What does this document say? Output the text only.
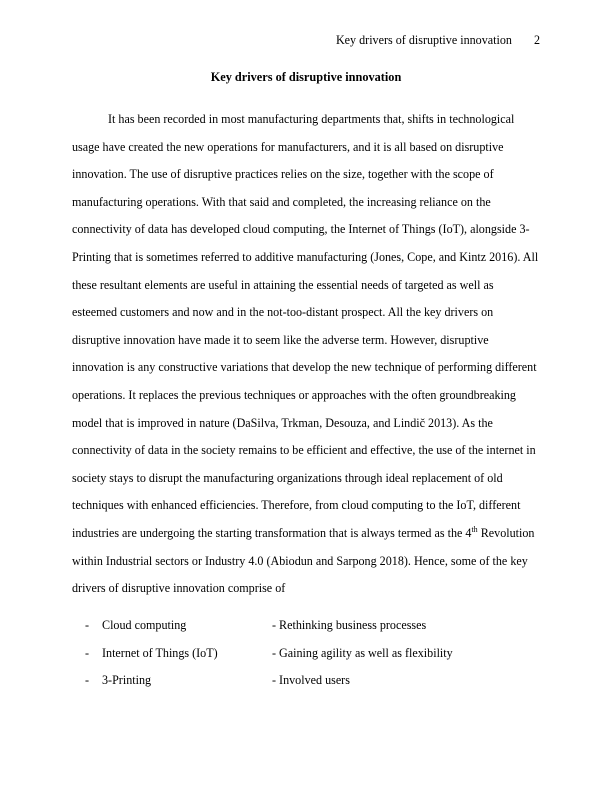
Key drivers of disruptive innovation 2
Key drivers of disruptive innovation
It has been recorded in most manufacturing departments that, shifts in technological usage have created the new operations for manufacturers, and it is all based on disruptive innovation. The use of disruptive practices relies on the size, together with the scope of manufacturing operations. With that said and completed, the increasing reliance on the connectivity of data has developed cloud computing, the Internet of Things (IoT), alongside 3-Printing that is sometimes referred to additive manufacturing (Jones, Cope, and Kintz 2016). All these resultant elements are useful in attaining the essential needs of targeted as well as esteemed customers and now and in the not-too-distant prospect. All the key drivers on disruptive innovation have made it to seem like the adverse term. However, disruptive innovation is any constructive variations that develop the new technique of performing different operations. It replaces the previous techniques or approaches with the often groundbreaking model that is improved in nature (DaSilva, Trkman, Desouza, and Lindič 2013). As the connectivity of data in the society remains to be efficient and effective, the use of the internet in society stays to disrupt the manufacturing organizations through ideal replacement of old techniques with enhanced efficiencies. Therefore, from cloud computing to the IoT, different industries are undergoing the starting transformation that is always termed as the 4th Revolution within Industrial sectors or Industry 4.0 (Abiodun and Sarpong 2018). Hence, some of the key drivers of disruptive innovation comprise of
-	Cloud computing	- Rethinking business processes
-	Internet of Things (IoT)	- Gaining agility as well as flexibility
-	3-Printing	- Involved users
